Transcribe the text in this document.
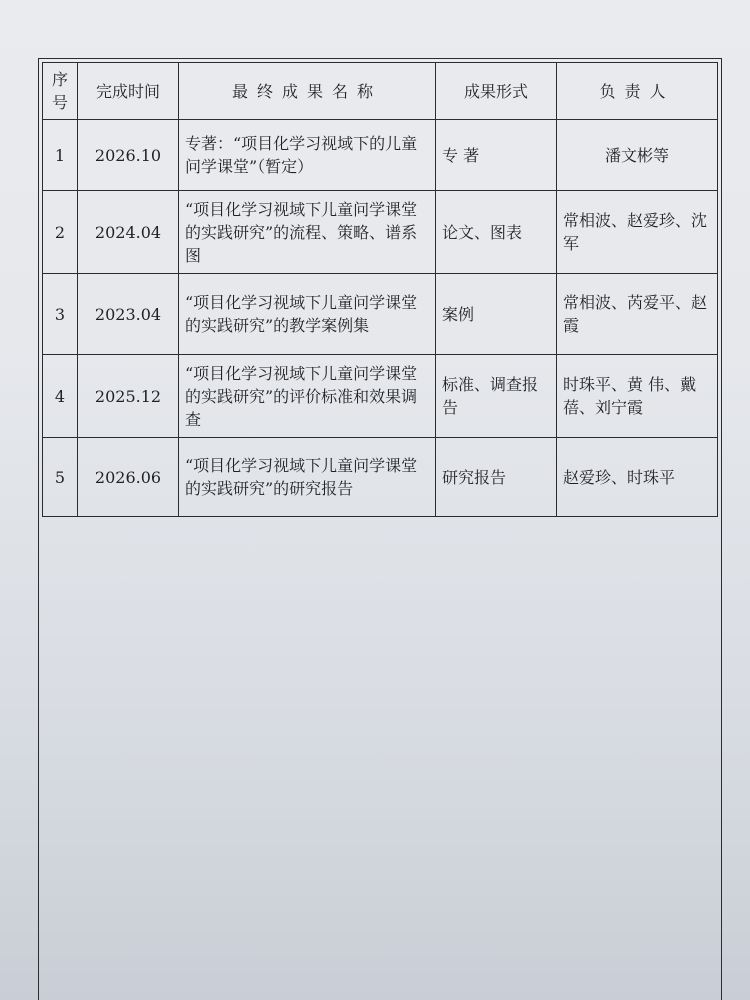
序号	完成时间	最终成果名称	成果形式	负责人
1	2026.10	专著：“项目化学习视域下的儿童问学课堂”（暂定）	专 著	潘文彬等
2	2024.04	“项目化学习视域下儿童问学课堂的实践研究”的流程、策略、谱系图	论文、图表	常相波、赵爱珍、沈 军
3	2023.04	“项目化学习视域下儿童问学课堂的实践研究”的教学案例集	案例	常相波、芮爱平、赵 霞
4	2025.12	“项目化学习视域下儿童问学课堂的实践研究”的评价标准和效果调查	标准、调查报告	时珠平、黄 伟、戴 蓓、刘宁霞
5	2026.06	“项目化学习视域下儿童问学课堂的实践研究”的研究报告	研究报告	赵爱珍、时珠平
